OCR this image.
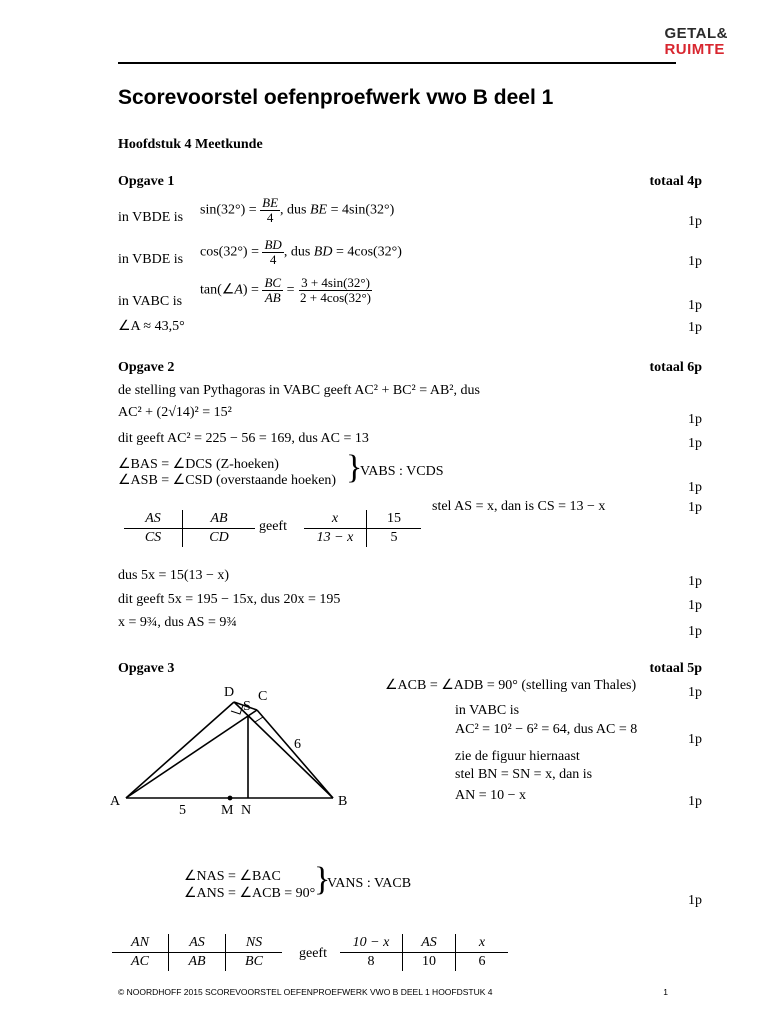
GETAL&
RUIMTE
Scorevoorstel oefenproefwerk vwo B deel 1
Hoofdstuk 4 Meetkunde
Opgave 1	totaal 4p
in VBDE is $\sin(32^\circ) = \frac{BE}{4}$ , dus BE = 4sin(32°)
1p
in VBDE is $\cos(32^\circ) = \frac{BD}{4}$ , dus BD = 4cos(32°)
1p
in VABC is
tan(∠A) = $\frac{BC}{AB} = \frac{3 + 4\sin(32^\circ)}{2 + 4\cos(32^\circ)}$
1p
∠A ≈ 43,5°	1p
Opgave 2	totaal 6p
de stelling van Pythagoras in VABC geeft AC² + BC² = AB², dus
AC² + (2√14)² = 15²	1p
dit geeft AC² = 225 − 56 = 169, dus AC = 13	1p
∠BAS = ∠DCS (Z-hoeken)
∠ASB = ∠CSD (overstaande hoeken) }
VABS : VCDS
1p
stel AS = x, dan is CS = 13 − x	1p
AS	AB
CS	CD
geeft
x	15
13 − x	5
dus 5x = 15(13 − x)	1p
dit geeft 5x = 195 − 15x, dus 20x = 195	1p
x = 9¾, dus AS = 9¾
1p
Opgave 3	totaal 5p
A	B
D C
S
M N
5
6
∠ACB = ∠ADB = 90° (stelling van Thales)	1p
in VABC is
AC² = 10² − 6² = 64, dus AC = 8
1p
zie de figuur hiernaast
stel BN = SN = x, dan is
AN = 10 − x	1p
∠NAS = ∠BAC
∠ANS = ∠ACB = 90°
}
VANS : VACB
1p
AN	AS	NS
AC	AB	BC
geeft
10 − x	AS	x
8	10	6
© NOORDHOFF 2015 SCOREVOORSTEL OEFENPROEFWERK VWO B DEEL 1 HOOFDSTUK 4	1
